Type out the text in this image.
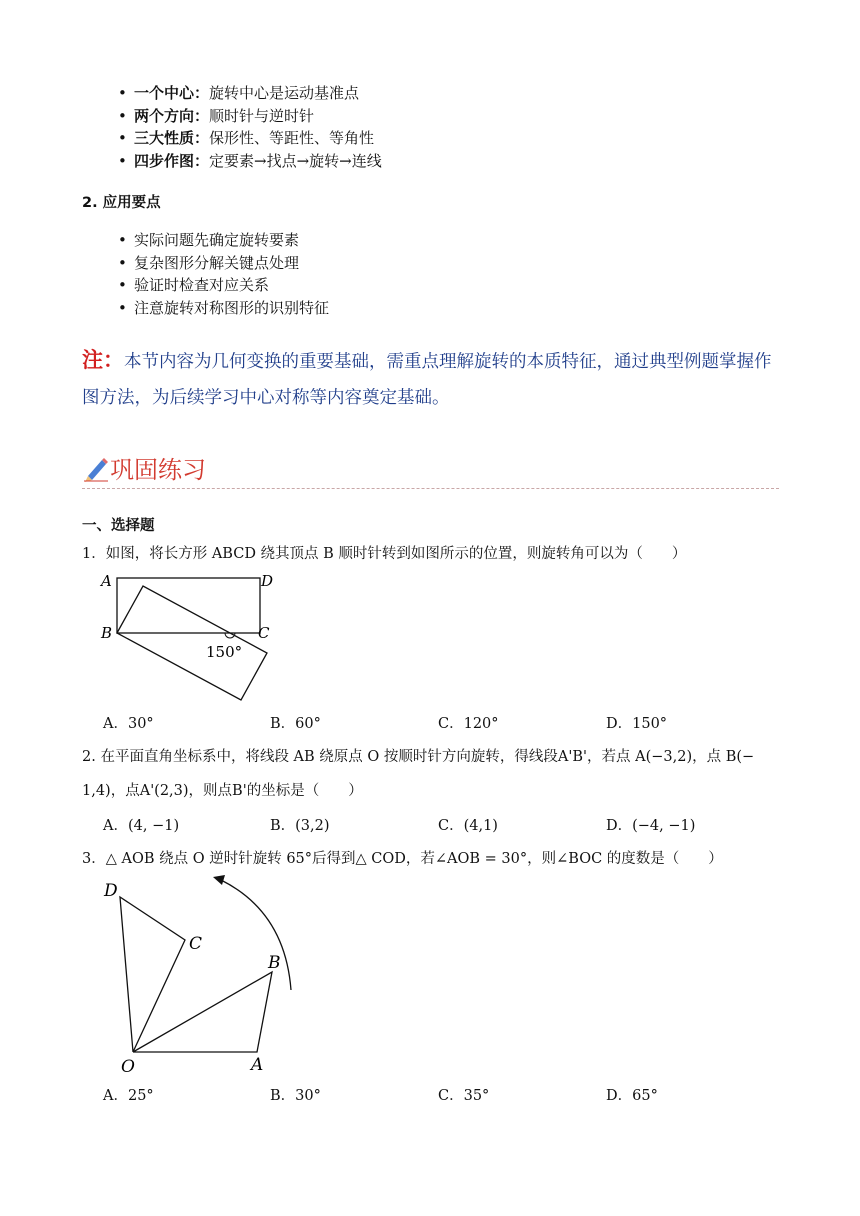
• 一个中心：旋转中心是运动基准点
• 两个方向：顺时针与逆时针
• 三大性质：保形性、等距性、等角性
• 四步作图：定要素→找点→旋转→连线
2. 应用要点
• 实际问题先确定旋转要素
• 复杂图形分解关键点处理
• 验证时检查对应关系
• 注意旋转对称图形的识别特征
注：本节内容为几何变换的重要基础，需重点理解旋转的本质特征，通过典型例题掌握作图方法，为后续学习中心对称等内容奠定基础。
巩固练习
一、选择题
1．如图，将长方形 ABCD 绕其顶点 B 顺时针转到如图所示的位置，则旋转角可以为（　　）
A	D
B	C
150°
A．30°	B．60°	C．120°	D．150°
2. 在平面直角坐标系中，将线段 AB 绕原点 O 按顺时针方向旋转，得线段A'B'，若点 A(−3,2)，点 B(−
1,4)，点A'(2,3)，则点B'的坐标是（　　）
A．(4, −1)	B．(3,2)	C．(4,1)	D．(−4, −1)
3．△ AOB 绕点 O 逆时针旋转 65°后得到△ COD，若∠AOB = 30°，则∠BOC 的度数是（　　）
D
C
B
O	A
A．25°	B．30°	C．35°	D．65°
